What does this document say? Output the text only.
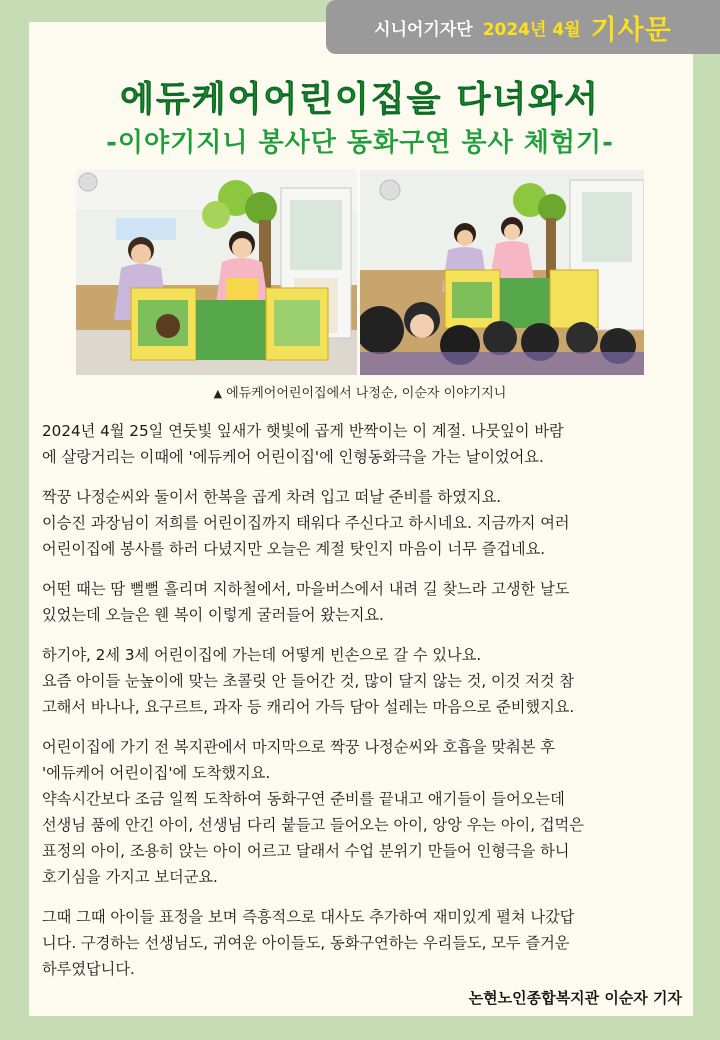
시니어기자단 2024년 4월 기사문
에듀케어어린이집을 다녀와서
-이야기지니 봉사단 동화구연 봉사 체험기-
▲ 에듀케어어린이집에서 나정순, 이순자 이야기지니

2024년 4월 25일 연둣빛 잎새가 햇빛에 곱게 반짝이는 이 계절. 나뭇잎이 바람
에 살랑거리는 이때에 '에듀케어 어린이집'에 인형동화극을 가는 날이었어요.

짝꿍 나정순씨와 둘이서 한복을 곱게 차려 입고 떠날 준비를 하였지요.
이승진 과장님이 저희를 어린이집까지 태워다 주신다고 하시네요. 지금까지 여러
어린이집에 봉사를 하러 다녔지만 오늘은 계절 탓인지 마음이 너무 즐겁네요.

어떤 때는 땀 뻘뻘 흘리며 지하철에서, 마을버스에서 내려 길 찾느라 고생한 날도
있었는데 오늘은 웬 복이 이렇게 굴러들어 왔는지요.

하기야, 2세 3세 어린이집에 가는데 어떻게 빈손으로 갈 수 있나요.
요즘 아이들 눈높이에 맞는 초콜릿 안 들어간 것, 많이 달지 않는 것, 이것 저것 참
고해서 바나나, 요구르트, 과자 등 캐리어 가득 담아 설레는 마음으로 준비했지요.

어린이집에 가기 전 복지관에서 마지막으로 짝꿍 나정순씨와 호흡을 맞춰본 후
'에듀케어 어린이집'에 도착했지요.
약속시간보다 조금 일찍 도착하여 동화구연 준비를 끝내고 애기들이 들어오는데
선생님 품에 안긴 아이, 선생님 다리 붙들고 들어오는 아이, 앙앙 우는 아이, 겁먹은
표정의 아이, 조용히 앉는 아이 어르고 달래서 수업 분위기 만들어 인형극을 하니
호기심을 가지고 보더군요.

그때 그때 아이들 표정을 보며 즉흥적으로 대사도 추가하여 재미있게 펼쳐 나갔답
니다. 구경하는 선생님도, 귀여운 아이들도, 동화구연하는 우리들도, 모두 즐거운
하루였답니다.

논현노인종합복지관 이순자 기자
